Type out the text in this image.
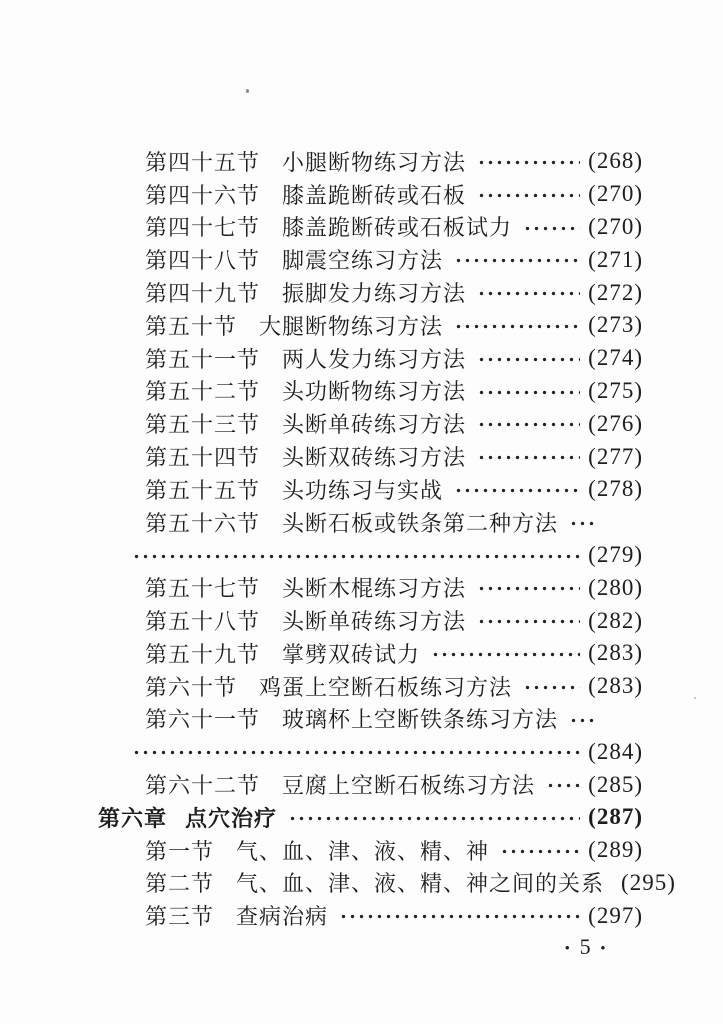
第四十五节 小腿断物练习方法	(268)
第四十六节 膝盖跪断砖或石板	(270)
第四十七节 膝盖跪断砖或石板试力	(270)
第四十八节 脚震空练习方法	(271)
第四十九节 振脚发力练习方法	(272)
第五十节 大腿断物练习方法	(273)
第五十一节 两人发力练习方法	(274)
第五十二节 头功断物练习方法	(275)
第五十三节 头断单砖练习方法	(276)
第五十四节 头断双砖练习方法	(277)
第五十五节 头功练习与实战	(278)
第五十六节 头断石板或铁条第二种方法
(279)
第五十七节 头断木棍练习方法	(280)
第五十八节 头断单砖练习方法	(282)
第五十九节 掌劈双砖试力	(283)
第六十节 鸡蛋上空断石板练习方法	(283)
第六十一节 玻璃杯上空断铁条练习方法
(284)
第六十二节 豆腐上空断石板练习方法 (285)
第六章 点穴治疗	(287)
第一节 气、血、津、液、精、神	(289)
第二节 气、血、津、液、精、神之间的关系 (295)
第三节 查病治病	(297)
• 5 •
